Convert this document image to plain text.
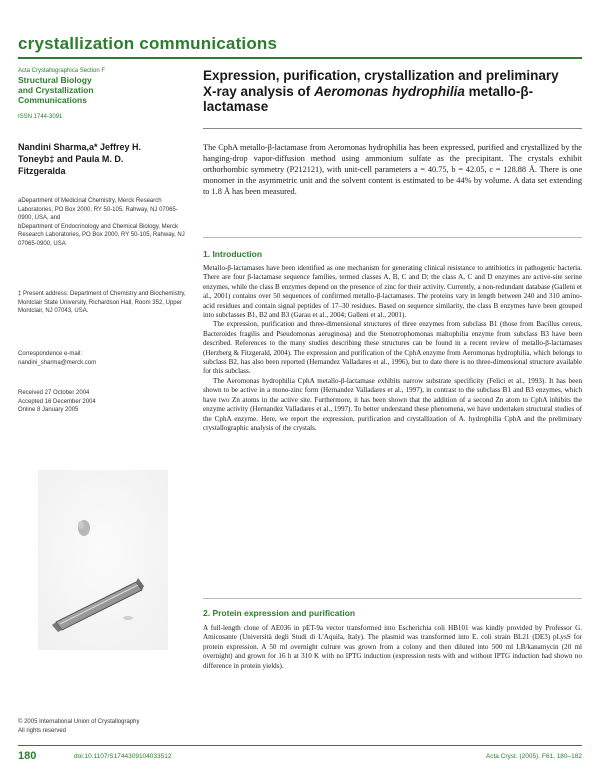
crystallization communications
Acta Crystallographica Section F
Structural Biology
and Crystallization
Communications
ISSN 1744-3091
Nandini Sharma,a* Jeffrey H.
Toneyb‡ and Paula M. D.
Fitzgeralda
aDepartment of Medicinal Chemistry, Merck Research Laboratories, PO Box 2000, RY 50-105, Rahway, NJ 07065-0900, USA, and
bDepartment of Endocrinology and Chemical Biology, Merck Research Laboratories, PO Box 2000, RY 50-105, Rahway, NJ 07065-0900, USA
‡ Present address: Department of Chemistry and Biochemistry, Montclair State University, Richardson Hall, Room 352, Upper Montclair, NJ 07043, USA.
Correspondence e-mail:
nandini_sharma@merck.com
Received 27 October 2004
Accepted 16 December 2004
Online 8 January 2005
© 2005 International Union of Crystallography
All rights reserved
Expression, purification, crystallization and preliminary X-ray analysis of Aeromonas hydrophilia metallo-β-lactamase
The CphA metallo-β-lactamase from Aeromonas hydrophilia has been expressed, purified and crystallized by the hanging-drop vapor-diffusion method using ammonium sulfate as the precipitant. The crystals exhibit orthorhombic symmetry (P212121), with unit-cell parameters a = 40.75, b = 42.05, c = 128.88 Å. There is one monomer in the asymmetric unit and the solvent content is estimated to be 44% by volume. A data set extending to 1.8 Å has been measured.
1. Introduction

Metallo-β-lactamases have been identified as one mechanism for generating clinical resistance to antibiotics in pathogenic bacteria. There are four β-lactamase sequence families, termed classes A, B, C and D; the class A, C and D enzymes are active-site serine enzymes, while the class B enzymes depend on the presence of zinc for their activity. Currently, a non-redundant database (Galleni et al., 2001) contains over 50 sequences of confirmed metallo-β-lactamases. The proteins vary in length between 240 and 310 amino-acid residues and contain signal peptides of 17–30 residues. Based on sequence similarity, the class B enzymes have been grouped into subclasses B1, B2 and B3 (Garau et al., 2004; Galleni et al., 2001).

The expression, purification and three-dimensional structures of three enzymes from subclass B1 (those from Bacillus cereus, Bacteroides fragilis and Pseudomonas aeruginosa) and the Stenotrophomonas maltophilia enzyme from subclass B3 have been described. References to the many studies describing these structures can be found in a recent review of metallo-β-lactamases (Herzberg & Fitzgerald, 2004). The expression and purification of the CphA enzyme from Aeromonas hydrophilia, which belongs to subclass B2, has also been reported (Hernandez Valladares et al., 1996), but to date there is no three-dimensional structure available for this subclass.

The Aeromonas hydrophilia CphA metallo-β-lactamase exhibits narrow substrate specificity (Felici et al., 1993). It has been shown to be active in a mono-zinc form (Hernandez Valladares et al., 1997), in contrast to the subclass B1 and B3 enzymes, which have two Zn atoms in the active site. Furthermore, it has been shown that the addition of a second Zn atom to CphA inhibits the enzyme activity (Hernandez Valladares et al., 1997). To better understand these phenomena, we have undertaken structural studies of the CphA enzyme. Here, we report the expression, purification and crystallization of A. hydrophilia CphA and the preliminary crystallographic analysis of the crystals.

2. Protein expression and purification

A full-length clone of AE036 in pET-9a vector transformed into Escherichia coli HB101 was kindly provided by Professor G. Amicosante (Università degli Studi di L'Aquila, Italy). The plasmid was transformed into E. coli strain BL21 (DE3) pLysS for protein expression. A 50 ml overnight culture was grown from a colony and then diluted into 500 ml LB/kanamycin (20 ml overnight) and grown for 16 h at 310 K with no IPTG induction (expression tests with and without IPTG induction had shown no difference in protein yields).

180	doi:10.1107/S1744309104033512	Acta Cryst. (2005). F61, 180–182
